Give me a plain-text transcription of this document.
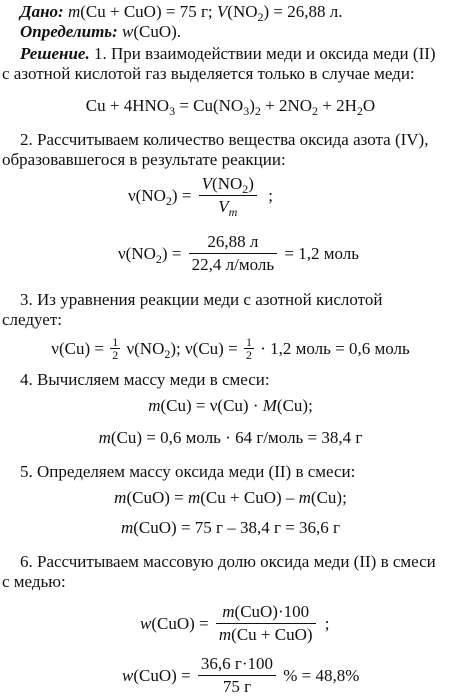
Дано: m(Cu + CuO) = 75 г; $V(NO_2) = 26,88$ л.
Определить: w(CuO).
Решение. 1. При взаимодействии меди и оксида меди (II)
с азотной кислотой газ выделяется только в случае меди:
$Cu + 4HNO_3 = Cu(NO_3)_2 + 2NO_2 + 2H_2O$
2. Рассчитываем количество вещества оксида азота (IV),
образовавшегося в результате реакции:
$\nu(NO_2) = \frac{V(NO_2)}{V_m}$ ;
$\nu(NO_2) = \frac{26,88 л}{\text{22,4 л/моль}} = 1,2$ моль
3. Из уравнения реакции меди с азотной кислотой
следует:
$\nu(Cu) = \frac{1}{2} \nu(NO_2)$; $\nu(Cu) = \frac{1}{2} \cdot 1,2$ моль = 0,6 моль
4. Вычисляем массу меди в смеси:
m(Cu) = ν(Cu) · M(Cu);
m(Cu) = 0,6 моль · 64 г/моль = 38,4 г
5. Определяем массу оксида меди (II) в смеси:
m(CuO) = m(Cu + CuO) – m(Cu);
m(CuO) = 75 г – 38,4 г = 36,6 г
6. Рассчитываем массовую долю оксида меди (II) в смеси
с медью:
$w(CuO) = \frac{\text{m(CuO)·100}}{\text{m(Cu + CuO)}}$ ;
$w(CuO) = \frac{36,6 г\cdot 100}{75 г}$ % = 48,8%
